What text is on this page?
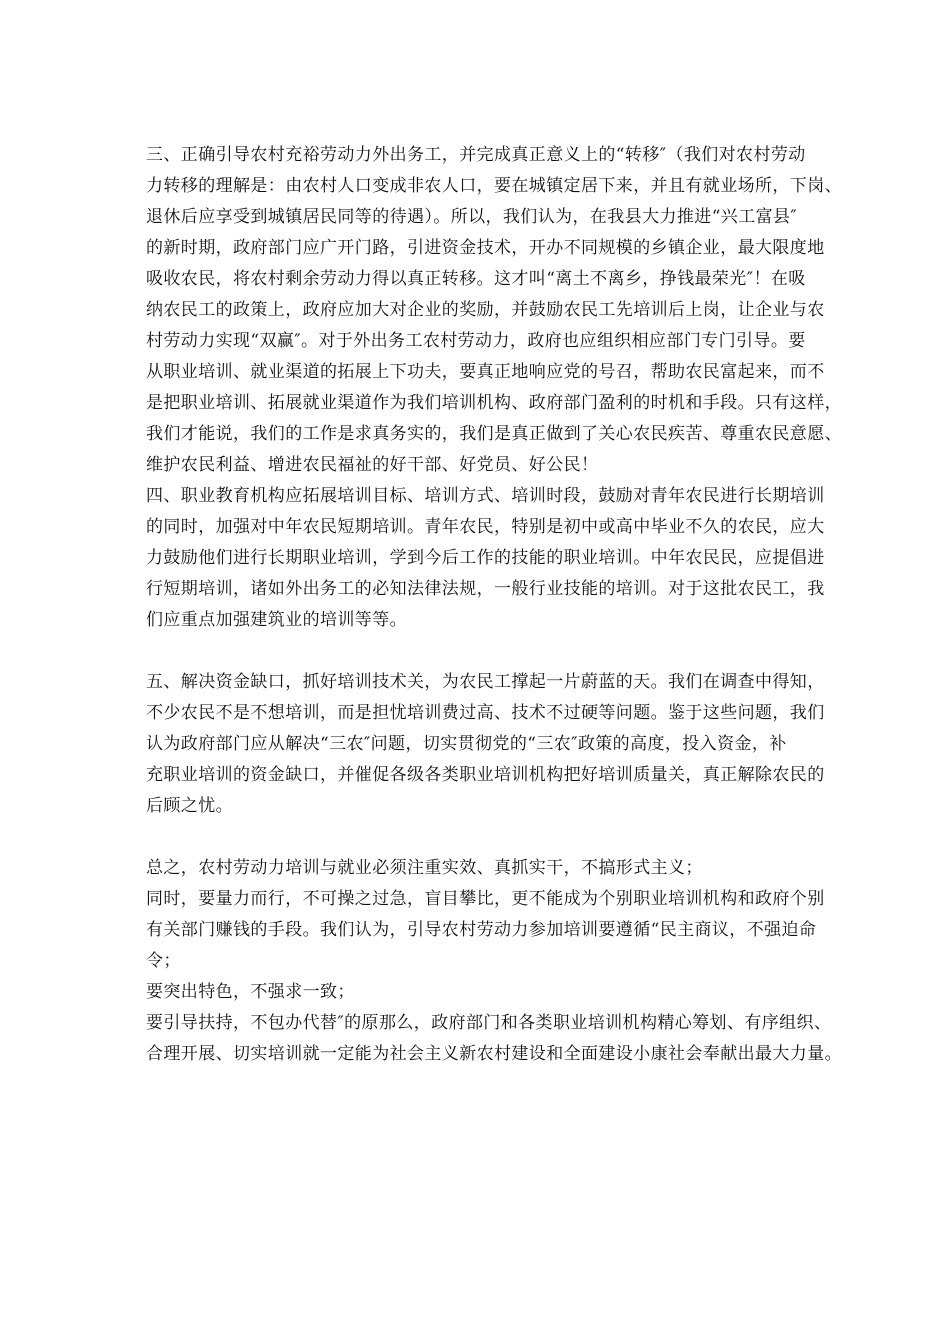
三、正确引导农村充裕劳动力外出务工，并完成真正意义上的“转移″（我们对农村劳动
力转移的理解是：由农村人口变成非农人口，要在城镇定居下来，并且有就业场所，下岗、
退休后应享受到城镇居民同等的待遇）。所以，我们认为，在我县大力推进“兴工富县″
的新时期，政府部门应广开门路，引进资金技术，开办不同规模的乡镇企业，最大限度地
吸收农民，将农村剩余劳动力得以真正转移。这才叫“离土不离乡，挣钱最荣光″！在吸
纳农民工的政策上，政府应加大对企业的奖励，并鼓励农民工先培训后上岗，让企业与农
村劳动力实现“双赢″。对于外出务工农村劳动力，政府也应组织相应部门专门引导。要
从职业培训、就业渠道的拓展上下功夫，要真正地响应党的号召，帮助农民富起来，而不
是把职业培训、拓展就业渠道作为我们培训机构、政府部门盈利的时机和手段。只有这样，
我们才能说，我们的工作是求真务实的，我们是真正做到了关心农民疾苦、尊重农民意愿、
维护农民利益、增进农民福祉的好干部、好党员、好公民！
四、职业教育机构应拓展培训目标、培训方式、培训时段，鼓励对青年农民进行长期培训
的同时，加强对中年农民短期培训。青年农民，特别是初中或高中毕业不久的农民，应大
力鼓励他们进行长期职业培训，学到今后工作的技能的职业培训。中年农民民，应提倡进
行短期培训，诸如外出务工的必知法律法规，一般行业技能的培训。对于这批农民工，我
们应重点加强建筑业的培训等等。
五、解决资金缺口，抓好培训技术关，为农民工撑起一片蔚蓝的天。我们在调查中得知，
不少农民不是不想培训，而是担忧培训费过高、技术不过硬等问题。鉴于这些问题，我们
认为政府部门应从解决“三农″问题，切实贯彻党的“三农″政策的高度，投入资金，补
充职业培训的资金缺口，并催促各级各类职业培训机构把好培训质量关，真正解除农民的
后顾之忧。
总之，农村劳动力培训与就业必须注重实效、真抓实干，不搞形式主义；
同时，要量力而行，不可操之过急，盲目攀比，更不能成为个别职业培训机构和政府个别
有关部门赚钱的手段。我们认为，引导农村劳动力参加培训要遵循“民主商议，不强迫命
令；
要突出特色，不强求一致；
要引导扶持，不包办代替″的原那么，政府部门和各类职业培训机构精心筹划、有序组织、
合理开展、切实培训就一定能为社会主义新农村建设和全面建设小康社会奉献出最大力量。
